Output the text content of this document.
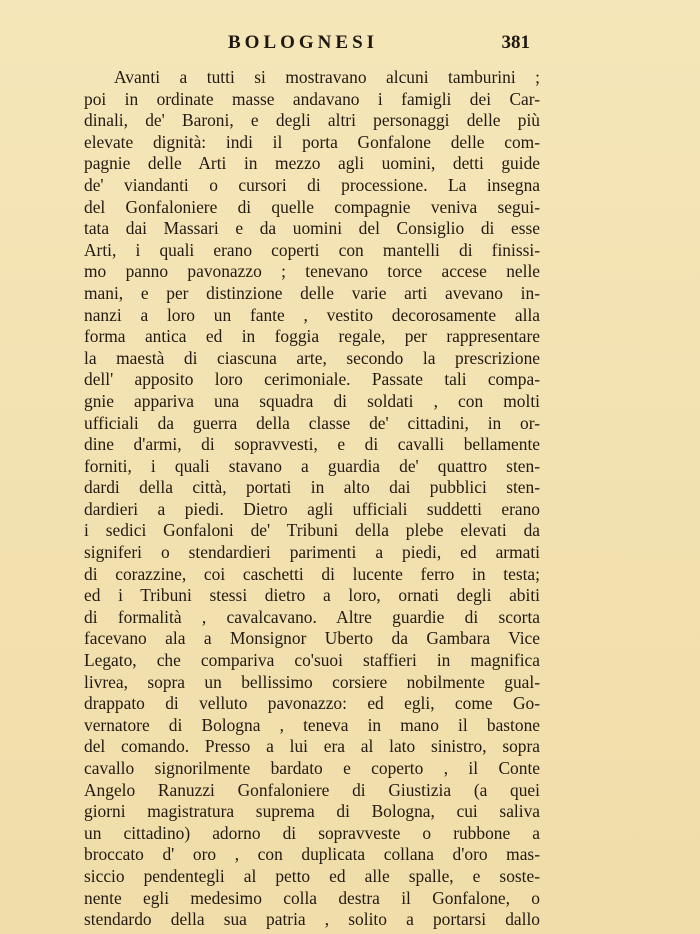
BOLOGNESI	381
Avanti a tutti si mostravano alcuni tamburini ;
poi in ordinate masse andavano i famigli dei Car-
dinali, de' Baroni, e degli altri personaggi delle più
elevate dignità: indi il porta Gonfalone delle com-
pagnie delle Arti in mezzo agli uomini, detti guide
de' viandanti o cursori di processione. La insegna
del Gonfaloniere di quelle compagnie veniva segui-
tata dai Massari e da uomini del Consiglio di esse
Arti, i quali erano coperti con mantelli di finissi-
mo panno pavonazzo ; tenevano torce accese nelle
mani, e per distinzione delle varie arti avevano in-
nanzi a loro un fante , vestito decorosamente alla
forma antica ed in foggia regale, per rappresentare
la maestà di ciascuna arte, secondo la prescrizione
dell' apposito loro cerimoniale. Passate tali compa-
gnie appariva una squadra di soldati , con molti
ufficiali da guerra della classe de' cittadini, in or-
dine d'armi, di sopravvesti, e di cavalli bellamente
forniti, i quali stavano a guardia de' quattro sten-
dardi della città, portati in alto dai pubblici sten-
dardieri a piedi. Dietro agli ufficiali suddetti erano
i sedici Gonfaloni de' Tribuni della plebe elevati da
signiferi o stendardieri parimenti a piedi, ed armati
di corazzine, coi caschetti di lucente ferro in testa;
ed i Tribuni stessi dietro a loro, ornati degli abiti
di formalità , cavalcavano. Altre guardie di scorta
facevano ala a Monsignor Uberto da Gambara Vice
Legato, che compariva co'suoi staffieri in magnifica
livrea, sopra un bellissimo corsiere nobilmente gual-
drappato di velluto pavonazzo: ed egli, come Go-
vernatore di Bologna , teneva in mano il bastone
del comando. Presso a lui era al lato sinistro, sopra
cavallo signorilmente bardato e coperto , il Conte
Angelo Ranuzzi Gonfaloniere di Giustizia (a quei
giorni magistratura suprema di Bologna, cui saliva
un cittadino) adorno di sopravveste o rubbone a
broccato d' oro , con duplicata collana d'oro mas-
siccio pendentegli al petto ed alle spalle, e soste-
nente egli medesimo colla destra il Gonfalone, o
stendardo della sua patria , solito a portarsi dallo
